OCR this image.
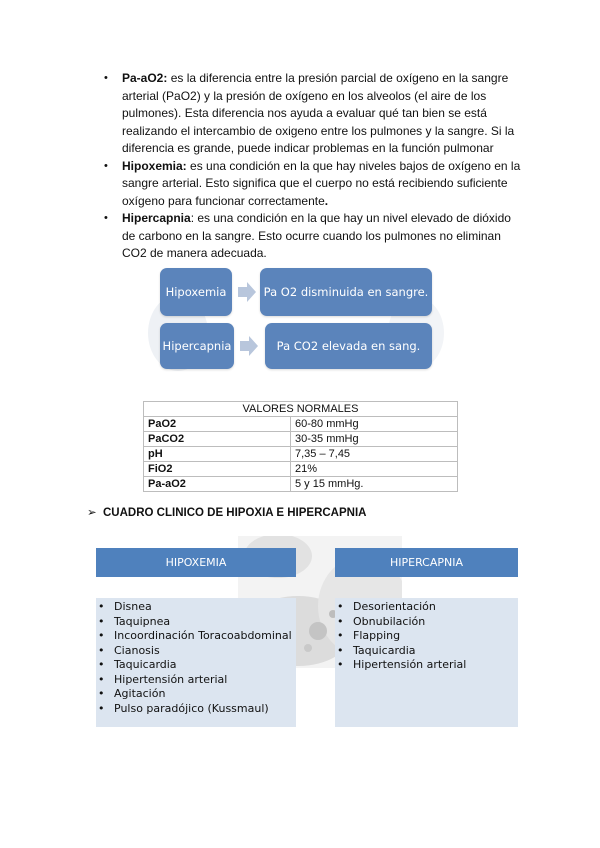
• Pa-aO2: es la diferencia entre la presión parcial de oxígeno en la sangre arterial (PaO2) y la presión de oxígeno en los alveolos (el aire de los pulmones). Esta diferencia nos ayuda a evaluar qué tan bien se está realizando el intercambio de oxigeno entre los pulmones y la sangre. Si la diferencia es grande, puede indicar problemas en la función pulmonar
• Hipoxemia: es una condición en la que hay niveles bajos de oxígeno en la sangre arterial. Esto significa que el cuerpo no está recibiendo suficiente oxígeno para funcionar correctamente.
• Hipercapnia: es una condición en la que hay un nivel elevado de dióxido de carbono en la sangre. Esto ocurre cuando los pulmones no eliminan CO2 de manera adecuada.
Hipoxemia	Pa O2 disminuida en sangre.
Hipercapnia	Pa CO2 elevada en sang.
VALORES NORMALES	
PaO2	60-80 mmHg
PaCO2	30-35 mmHg
pH	7,35 – 7,45
FiO2	21%
Pa-aO2	5 y 15 mmHg.
➢ CUADRO CLINICO DE HIPOXIA E HIPERCAPNIA
HIPOXEMIA
• Disnea
• Taquipnea
• Incoordinación Toracoabdominal
• Cianosis
• Taquicardia
• Hipertensión arterial
• Agitación
• Pulso paradójico (Kussmaul)
HIPERCAPNIA
• Desorientación
• Obnubilación
• Flapping
• Taquicardia
• Hipertensión arterial
